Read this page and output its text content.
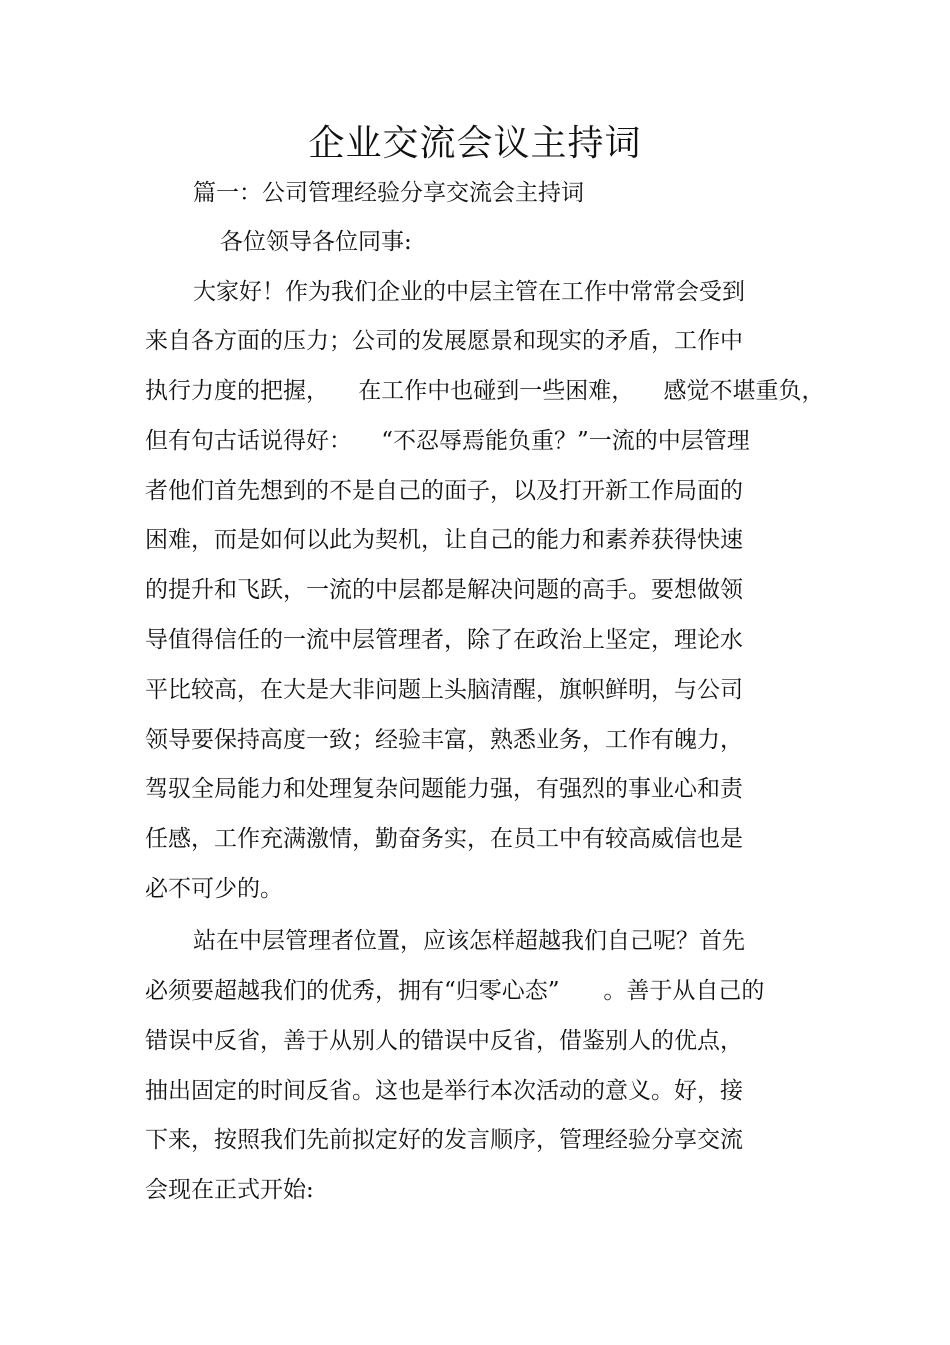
企业交流会议主持词
篇一：公司管理经验分享交流会主持词
各位领导各位同事:
大家好！作为我们企业的中层主管在工作中常常会受到
来自各方面的压力；公司的发展愿景和现实的矛盾，工作中
执行力度的把握，    在工作中也碰到一些困难，    感觉不堪重负，
但有句古话说得好：    “不忍辱焉能负重？”一流的中层管理
者他们首先想到的不是自己的面子，以及打开新工作局面的
困难，而是如何以此为契机，让自己的能力和素养获得快速
的提升和飞跃，一流的中层都是解决问题的高手。要想做领
导值得信任的一流中层管理者，除了在政治上坚定，理论水
平比较高，在大是大非问题上头脑清醒，旗帜鲜明，与公司
领导要保持高度一致；经验丰富，熟悉业务，工作有魄力，
驾驭全局能力和处理复杂问题能力强，有强烈的事业心和责
任感，工作充满激情，勤奋务实，在员工中有较高威信也是
必不可少的。
站在中层管理者位置，应该怎样超越我们自己呢？首先
必须要超越我们的优秀，拥有“归零心态”      。善于从自己的
错误中反省，善于从别人的错误中反省，借鉴别人的优点，
抽出固定的时间反省。这也是举行本次活动的意义。好，接
下来，按照我们先前拟定好的发言顺序，管理经验分享交流
会现在正式开始:
